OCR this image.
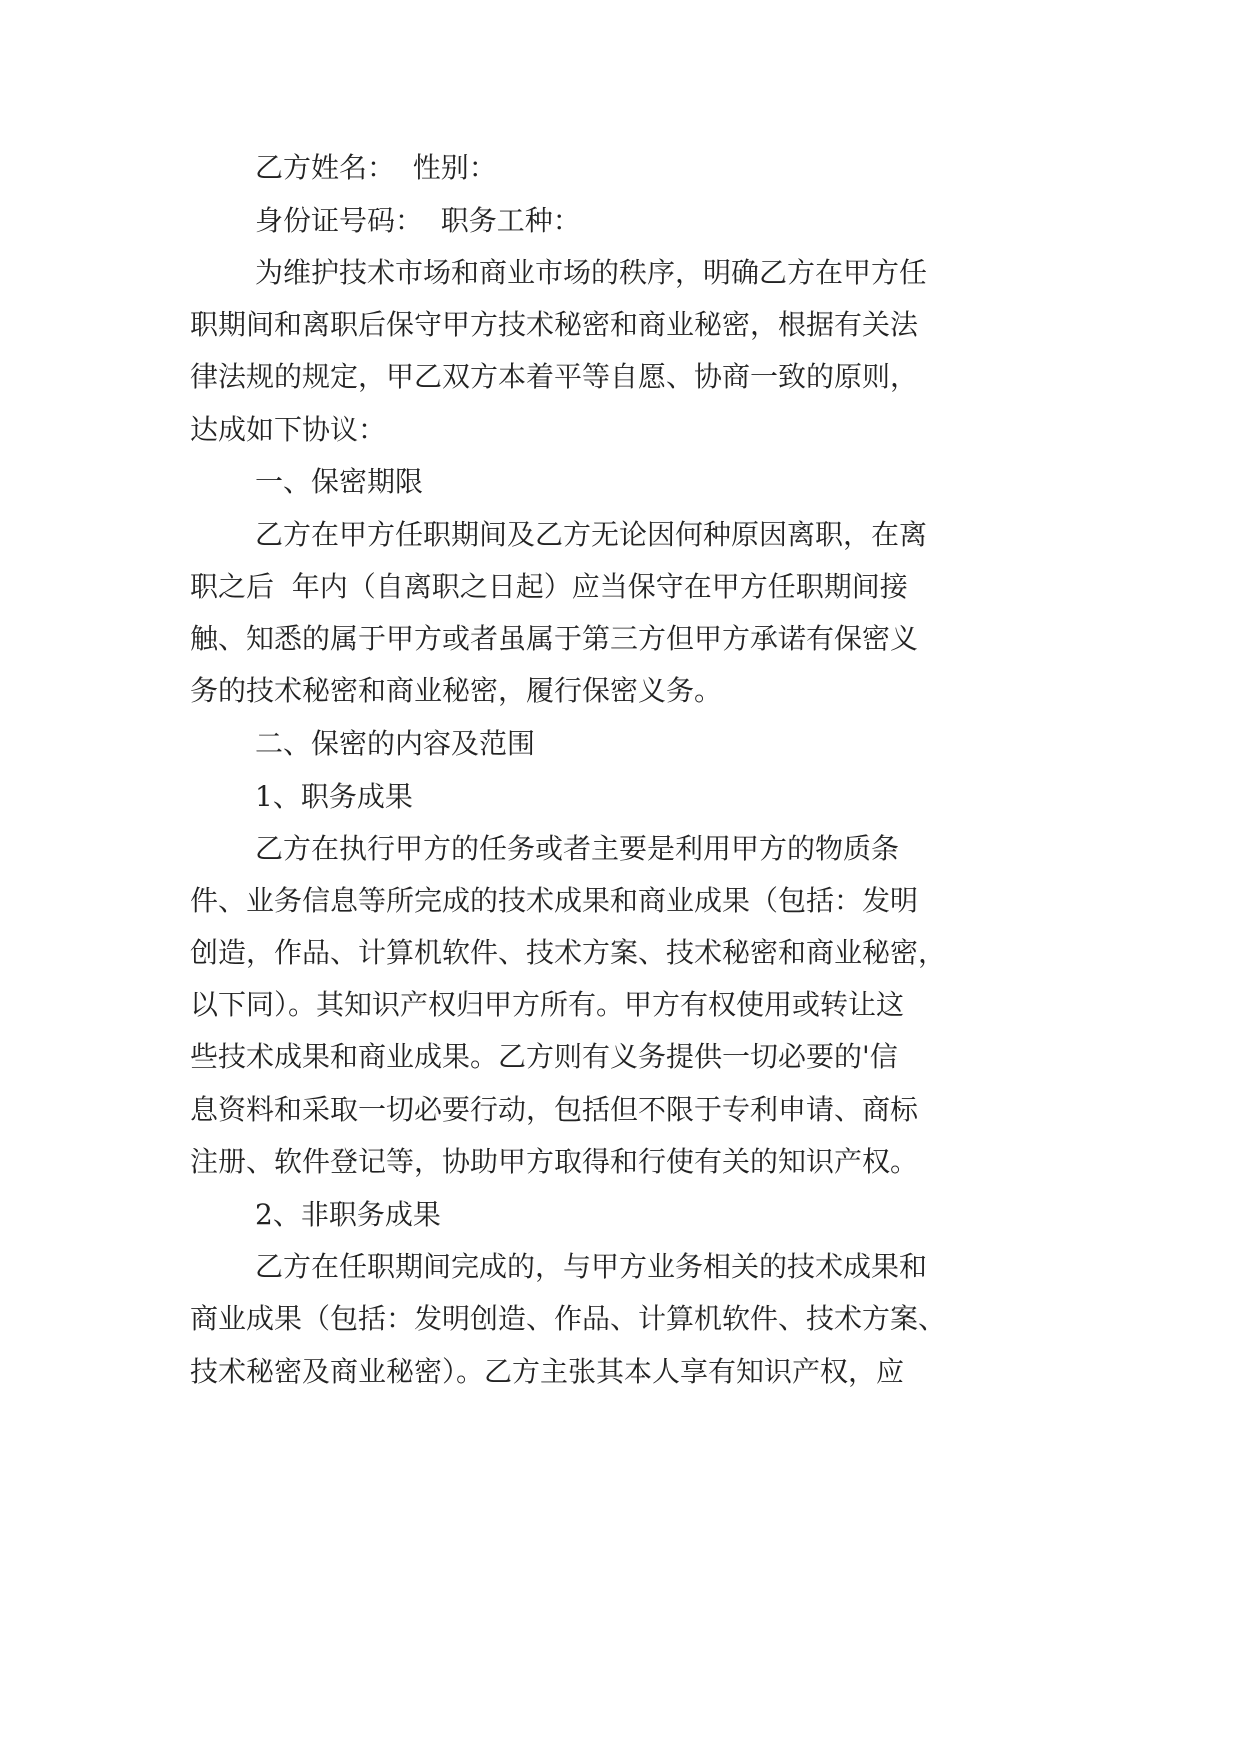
乙方姓名：  性别：
身份证号码：  职务工种：
为维护技术市场和商业市场的秩序，明确乙方在甲方任
职期间和离职后保守甲方技术秘密和商业秘密，根据有关法
律法规的规定，甲乙双方本着平等自愿、协商一致的原则，
达成如下协议：
一、保密期限
乙方在甲方任职期间及乙方无论因何种原因离职，在离
职之后  年内（自离职之日起）应当保守在甲方任职期间接
触、知悉的属于甲方或者虽属于第三方但甲方承诺有保密义
务的技术秘密和商业秘密，履行保密义务。
二、保密的内容及范围
1、职务成果
乙方在执行甲方的任务或者主要是利用甲方的物质条
件、业务信息等所完成的技术成果和商业成果（包括：发明
创造，作品、计算机软件、技术方案、技术秘密和商业秘密，
以下同）。其知识产权归甲方所有。甲方有权使用或转让这
些技术成果和商业成果。乙方则有义务提供一切必要的'信
息资料和采取一切必要行动，包括但不限于专利申请、商标
注册、软件登记等，协助甲方取得和行使有关的知识产权。
2、非职务成果
乙方在任职期间完成的，与甲方业务相关的技术成果和
商业成果（包括：发明创造、作品、计算机软件、技术方案、
技术秘密及商业秘密）。乙方主张其本人享有知识产权，应
